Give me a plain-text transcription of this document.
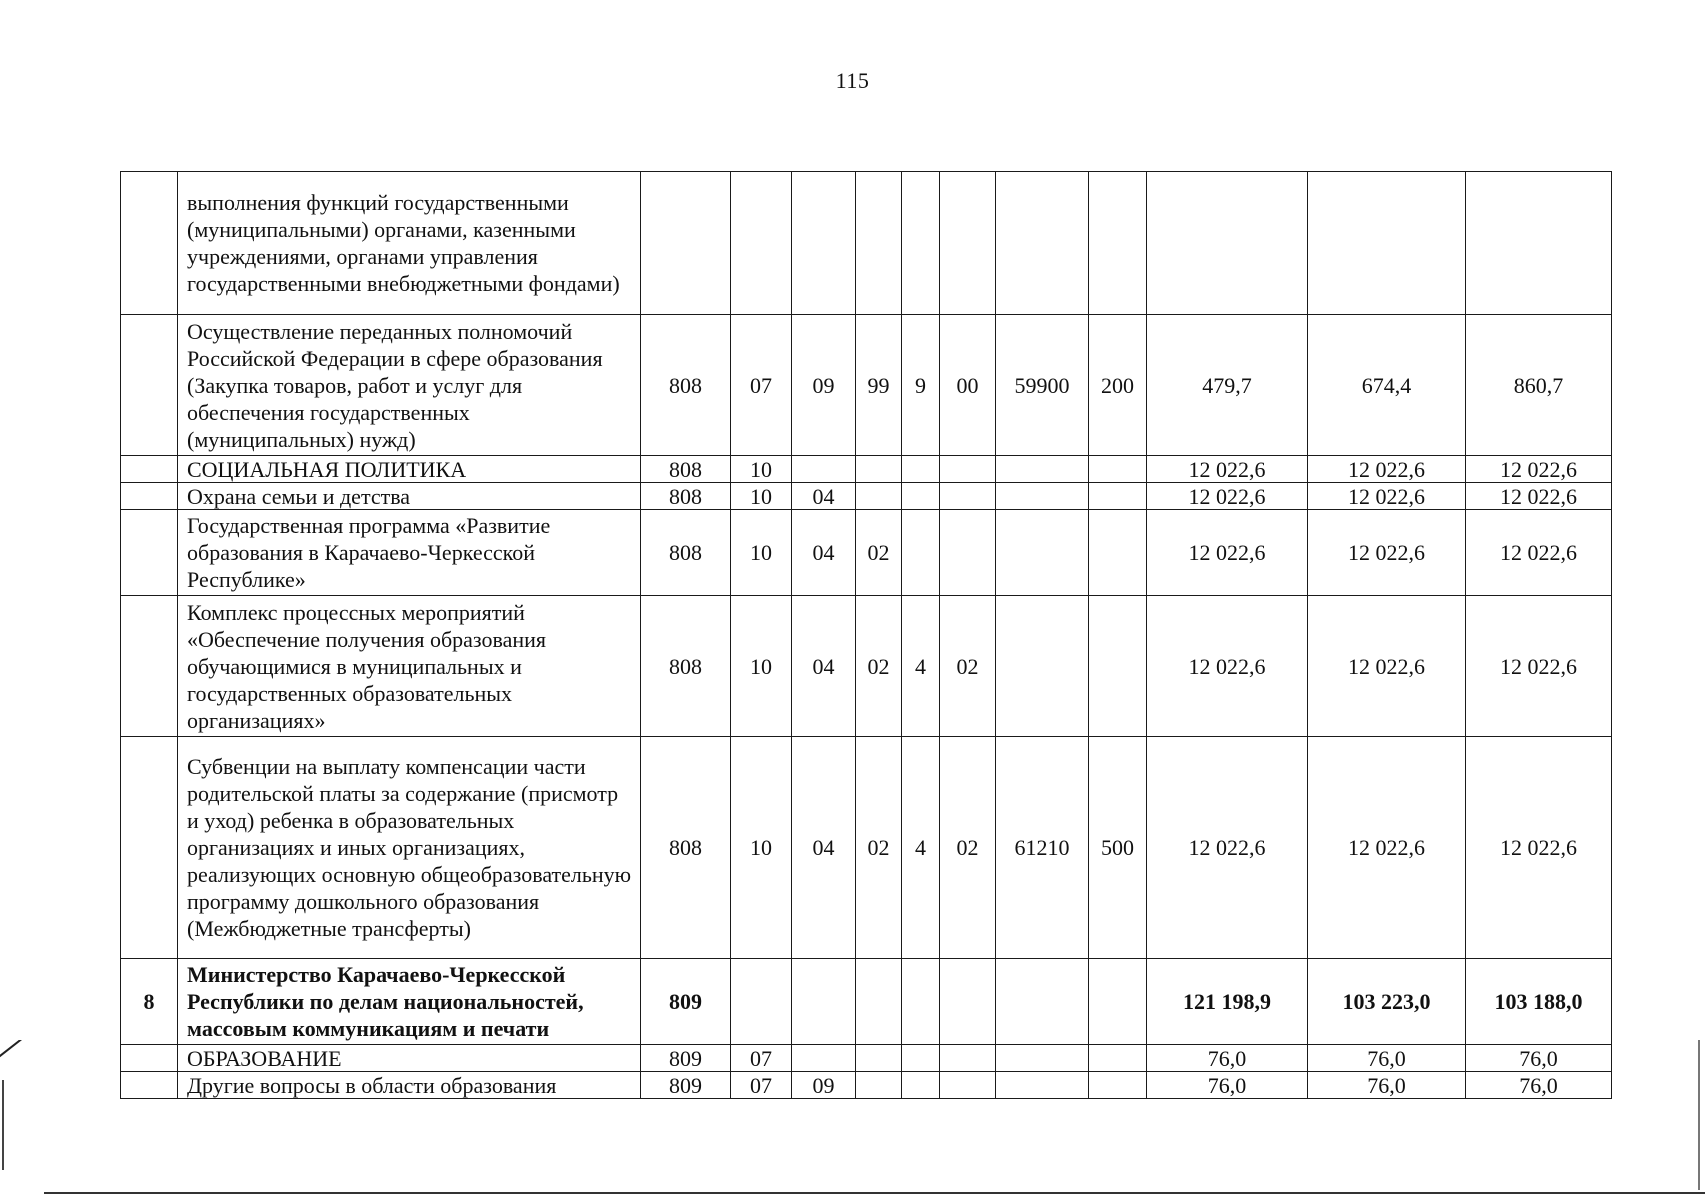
115
	выполнения функций государственными (муниципальными) органами, казенными учреждениями, органами управления государственными внебюджетными фондами)											
	Осуществление переданных полномочий Российской Федерации в сфере образования (Закупка товаров, работ и услуг для обеспечения государственных (муниципальных) нужд)	808	07	09	99	9	00	59900	200	479,7	674,4	860,7
	СОЦИАЛЬНАЯ ПОЛИТИКА	808	10							12 022,6	12 022,6	12 022,6
	Охрана семьи и детства	808	10	04						12 022,6	12 022,6	12 022,6
	Государственная программа «Развитие образования в Карачаево-Черкесской Республике»	808	10	04	02					12 022,6	12 022,6	12 022,6
	Комплекс процессных мероприятий «Обеспечение получения образования обучающимися в муниципальных и государственных образовательных организациях»	808	10	04	02	4	02			12 022,6	12 022,6	12 022,6
	Субвенции на выплату компенсации части родительской платы за содержание (присмотр и уход) ребенка в образовательных организациях и иных организациях, реализующих основную общеобразовательную программу дошкольного образования (Межбюджетные трансферты)	808	10	04	02	4	02	61210	500	12 022,6	12 022,6	12 022,6
8	Министерство Карачаево-Черкесской Республики по делам национальностей, массовым коммуникациям и печати	809								121 198,9	103 223,0	103 188,0
	ОБРАЗОВАНИЕ	809	07							76,0	76,0	76,0
	Другие вопросы в области образования	809	07	09						76,0	76,0	76,0
